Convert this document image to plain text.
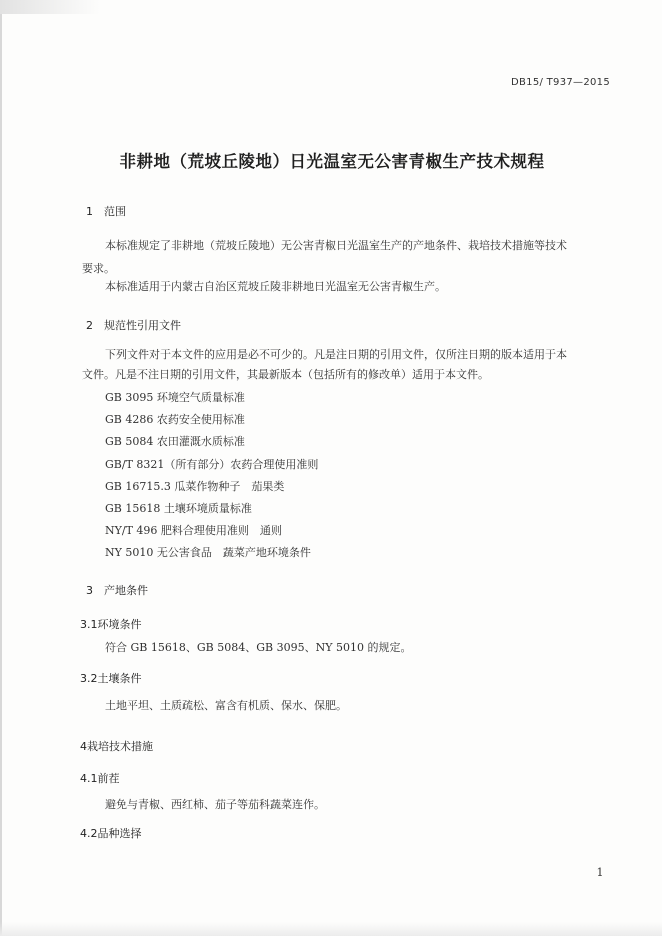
DB15/ T937—2015
非耕地（荒坡丘陵地）日光温室无公害青椒生产技术规程
1 范围
本标准规定了非耕地（荒坡丘陵地）无公害青椒日光温室生产的产地条件、栽培技术措施等技术
要求。
本标准适用于内蒙古自治区荒坡丘陵非耕地日光温室无公害青椒生产。
2 规范性引用文件
下列文件对于本文件的应用是必不可少的。凡是注日期的引用文件，仅所注日期的版本适用于本
文件。凡是不注日期的引用文件，其最新版本（包括所有的修改单）适用于本文件。
GB 3095 环境空气质量标准
GB 4286 农药安全使用标准
GB 5084 农田灌溉水质标准
GB/T 8321（所有部分）农药合理使用准则
GB 16715.3 瓜菜作物种子　茄果类
GB 15618 土壤环境质量标准
NY/T 496 肥料合理使用准则　通则
NY 5010 无公害食品　蔬菜产地环境条件
3 产地条件
3.1环境条件
符合 GB 15618、GB 5084、GB 3095、NY 5010 的规定。
3.2土壤条件
土地平坦、土质疏松、富含有机质、保水、保肥。
4栽培技术措施
4.1前茬
避免与青椒、西红柿、茄子等茄科蔬菜连作。
4.2品种选择
1
